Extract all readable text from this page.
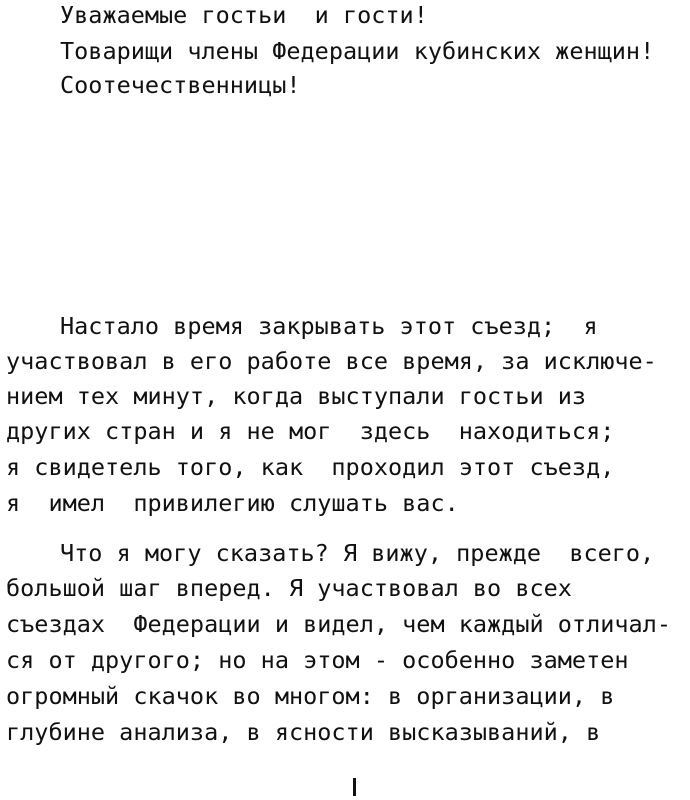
Уважаемые гостьи  и гости!
Товарищи члены Федерации кубинских женщин!
Соотечественницы!
Настало время закрывать этот съезд;  я
участвовал в его работе все время, за исключе-
нием тех минут, когда выступали гостьи из
других стран и я не мог  здесь  находиться;
я свидетель того, как  проходил этот съезд,
я  имел  привилегию слушать вас.
Что я могу сказать? Я вижу, прежде  всего,
большой шаг вперед. Я участвовал во всех
съездах  Федерации и видел, чем каждый отличал-
ся от другого; но на этом - особенно заметен
огромный скачок во многом: в организации, в
глубине анализа, в ясности высказываний, в
